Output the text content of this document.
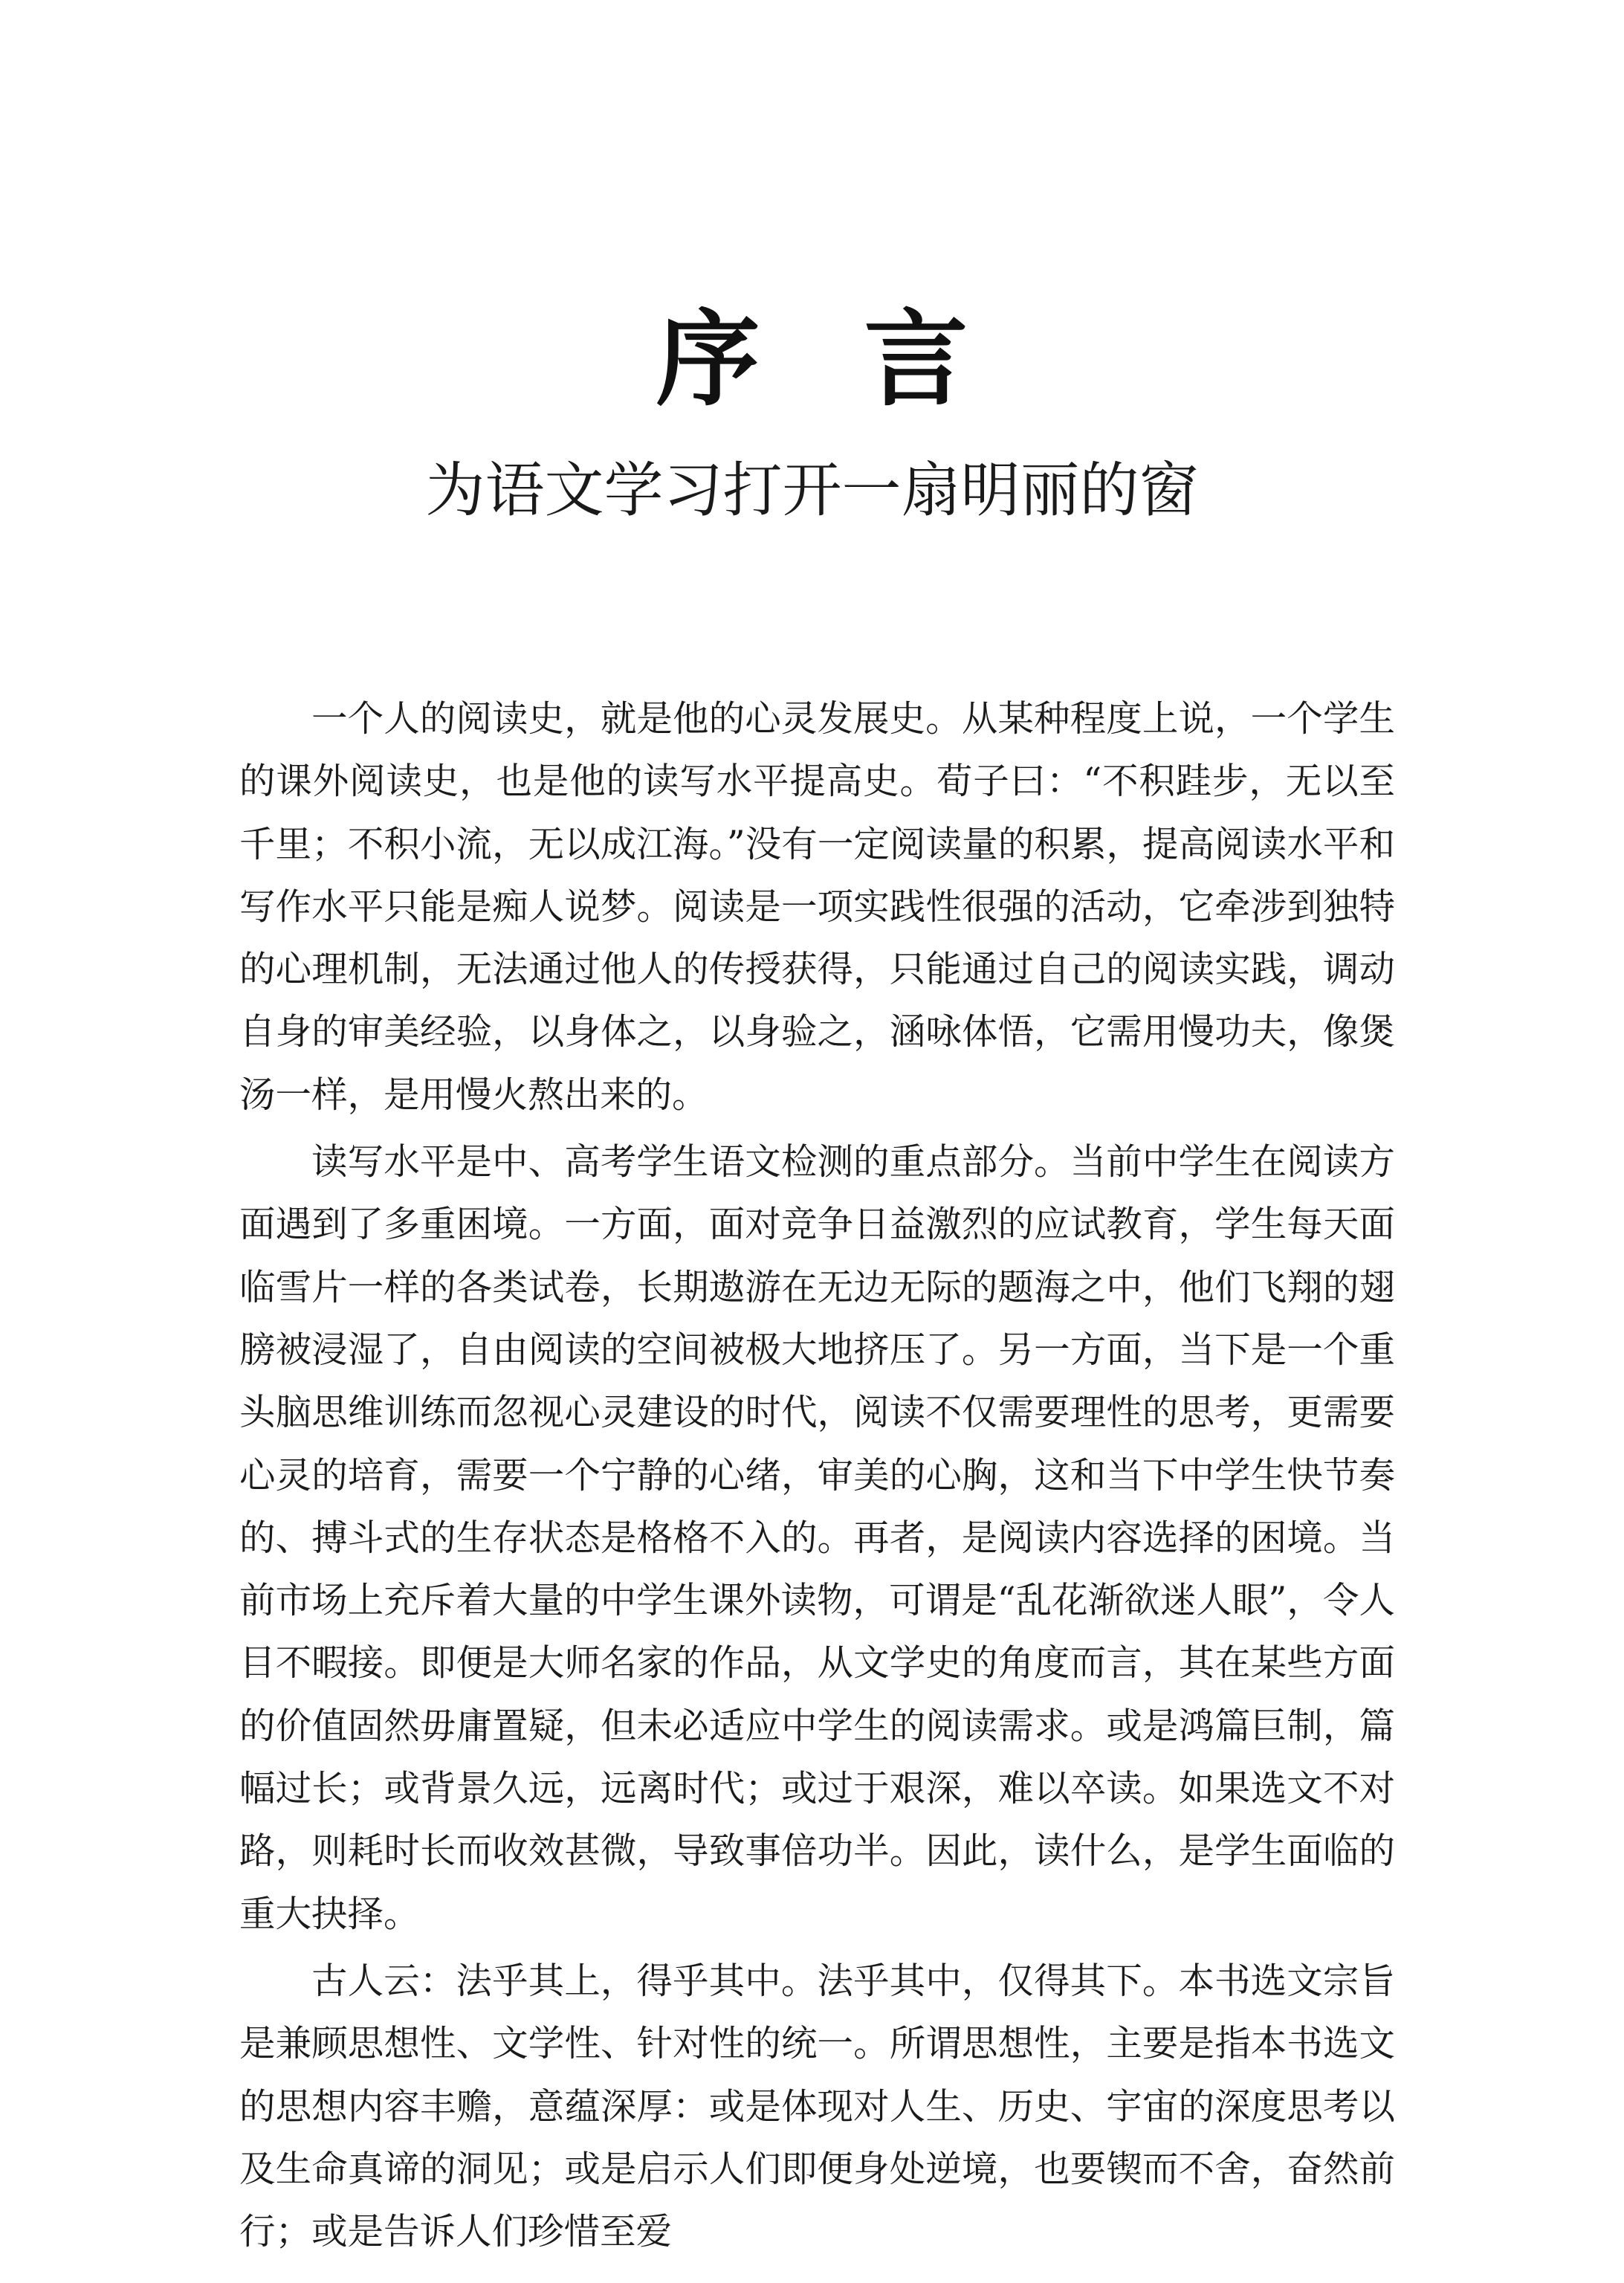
序言
为语文学习打开一扇明丽的窗

一个人的阅读史，就是他的心灵发展史。从某种程度上说，一个学生的课外阅读史，也是他的读写水平提高史。荀子曰：“不积跬步，无以至千里；不积小流，无以成江海。”没有一定阅读量的积累，提高阅读水平和写作水平只能是痴人说梦。阅读是一项实践性很强的活动，它牵涉到独特的心理机制，无法通过他人的传授获得，只能通过自己的阅读实践，调动自身的审美经验，以身体之，以身验之，涵咏体悟，它需用慢功夫，像煲汤一样，是用慢火熬出来的。

读写水平是中、高考学生语文检测的重点部分。当前中学生在阅读方面遇到了多重困境。一方面，面对竞争日益激烈的应试教育，学生每天面临雪片一样的各类试卷，长期遨游在无边无际的题海之中，他们飞翔的翅膀被浸湿了，自由阅读的空间被极大地挤压了。另一方面，当下是一个重头脑思维训练而忽视心灵建设的时代，阅读不仅需要理性的思考，更需要心灵的培育，需要一个宁静的心绪，审美的心胸，这和当下中学生快节奏的、搏斗式的生存状态是格格不入的。再者，是阅读内容选择的困境。当前市场上充斥着大量的中学生课外读物，可谓是“乱花渐欲迷人眼”，令人目不暇接。即便是大师名家的作品，从文学史的角度而言，其在某些方面的价值固然毋庸置疑，但未必适应中学生的阅读需求。或是鸿篇巨制，篇幅过长；或背景久远，远离时代；或过于艰深，难以卒读。如果选文不对路，则耗时长而收效甚微，导致事倍功半。因此，读什么，是学生面临的重大抉择。

古人云：法乎其上，得乎其中。法乎其中，仅得其下。本书选文宗旨是兼顾思想性、文学性、针对性的统一。所谓思想性，主要是指本书选文的思想内容丰赡，意蕴深厚：或是体现对人生、历史、宇宙的深度思考以及生命真谛的洞见；或是启示人们即便身处逆境，也要锲而不舍，奋然前行；或是告诉人们珍惜至爱
